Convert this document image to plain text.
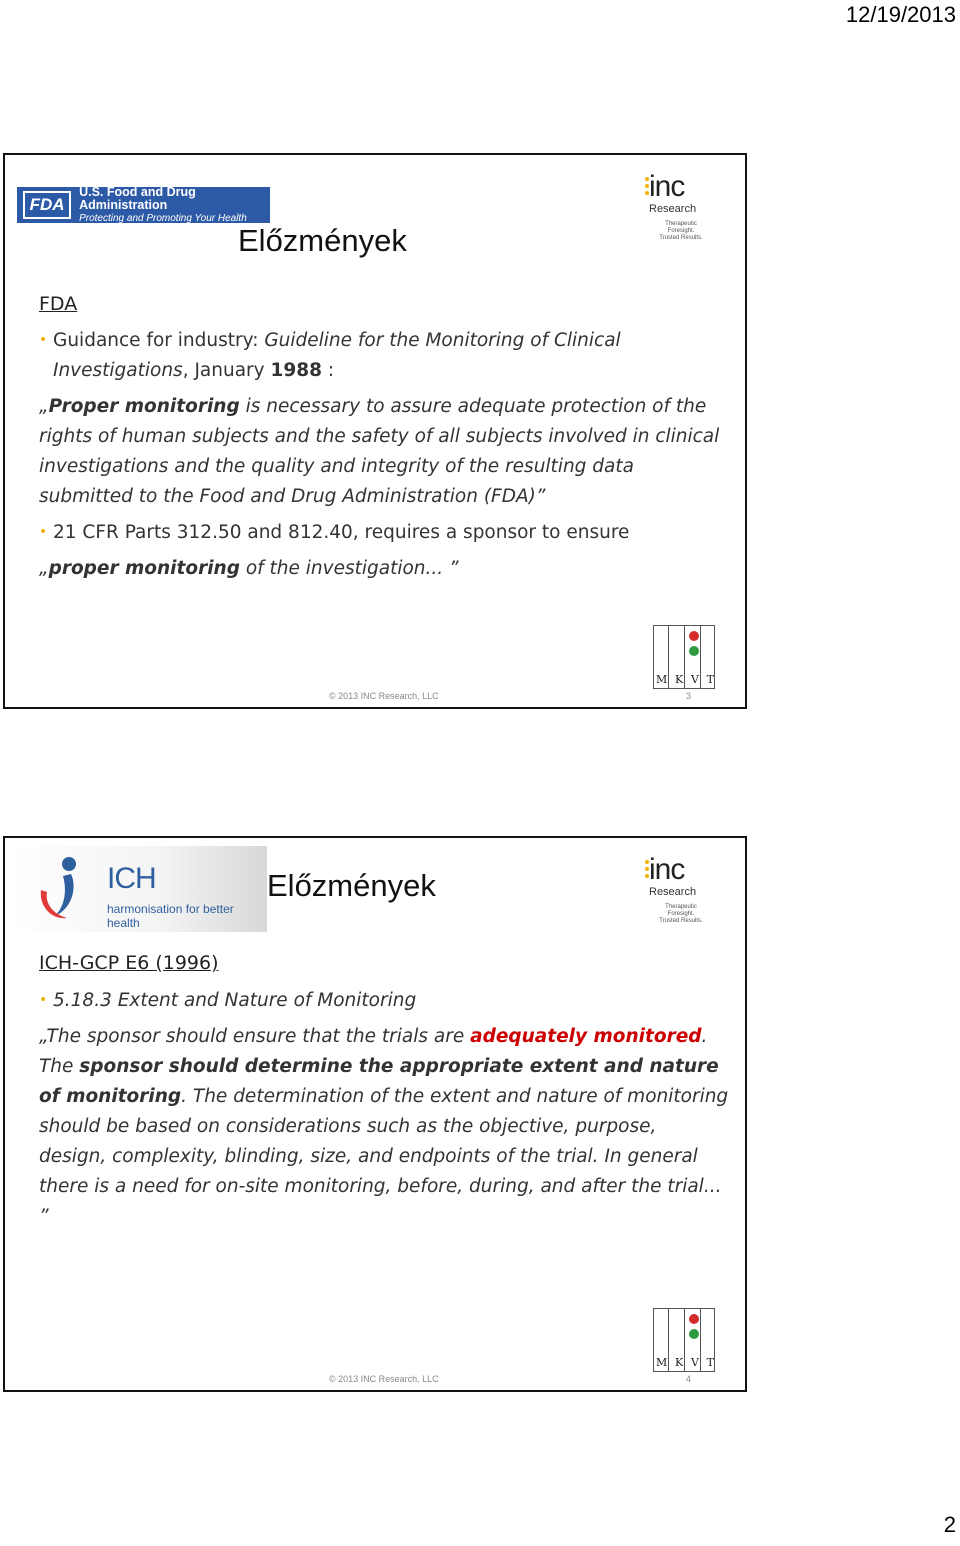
12/19/2013
FDA
U.S. Food and Drug Administration
Protecting and Promoting Your Health
inc
Research
Therapeutic Foresight.
Trusted Results.
Előzmények
FDA
• Guidance for industry: Guideline for the Monitoring of Clinical Investigations, January 1988 :
„Proper monitoring is necessary to assure adequate protection of the rights of human subjects and the safety of all subjects involved in clinical investigations and the quality and integrity of the resulting data submitted to the Food and Drug Administration (FDA)”
• 21 CFR Parts 312.50 and 812.40, requires a sponsor to ensure
„proper monitoring of the investigation... ”
M K V T
© 2013 INC Research, LLC	3
ICH
harmonisation for better health
Előzmények	inc
Research
Therapeutic Foresight.
Trusted Results.
ICH-GCP E6 (1996)
• 5.18.3 Extent and Nature of Monitoring
„The sponsor should ensure that the trials are adequately monitored. The sponsor should determine the appropriate extent and nature of monitoring. The determination of the extent and nature of monitoring should be based on considerations such as the objective, purpose, design, complexity, blinding, size, and endpoints of the trial. In general there is a need for on-site monitoring, before, during, and after the trial... ”
M K V T
© 2013 INC Research, LLC	4
2
